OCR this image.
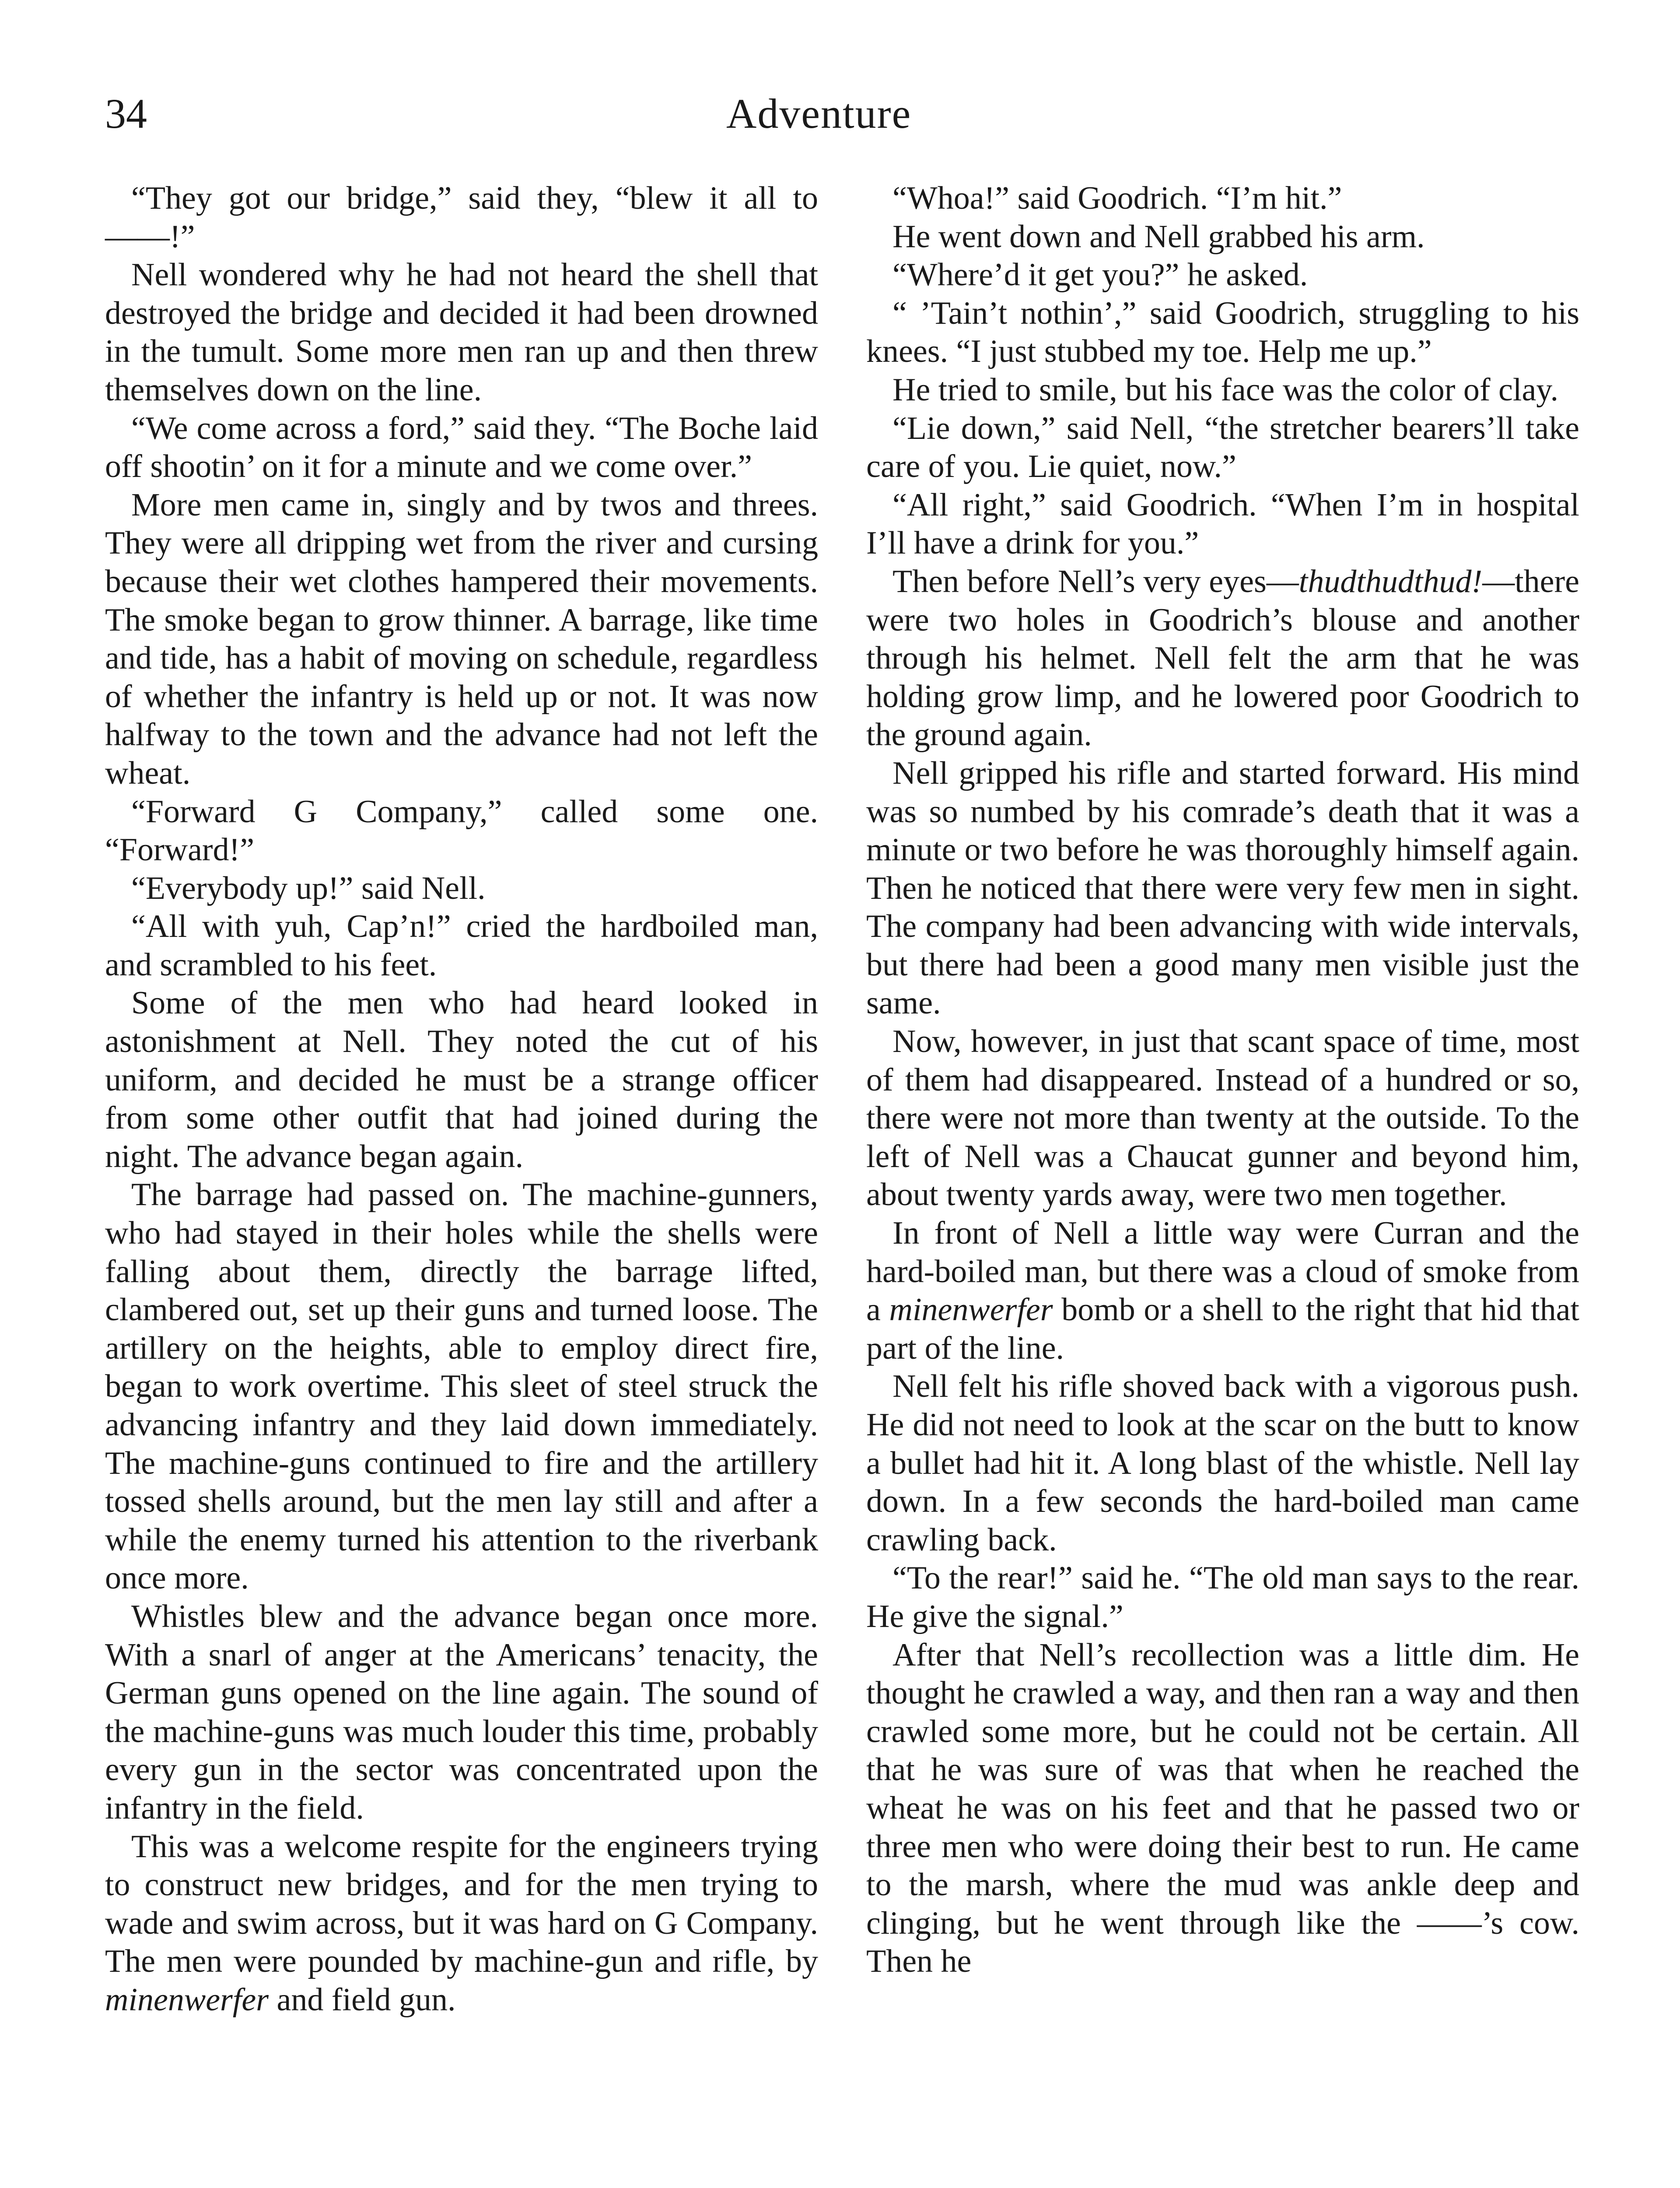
34	Adventure

“They got our bridge,” said they, “blew it all to ——!”

Nell wondered why he had not heard the shell that destroyed the bridge and decided it had been drowned in the tumult. Some more men ran up and then threw themselves down on the line.

“We come across a ford,” said they. “The Boche laid off shootin’ on it for a minute and we come over.”

More men came in, singly and by twos and threes. They were all dripping wet from the river and cursing because their wet clothes hampered their movements. The smoke began to grow thinner. A barrage, like time and tide, has a habit of moving on schedule, regardless of whether the infantry is held up or not. It was now halfway to the town and the advance had not left the wheat.

“Forward G Company,” called some one. “Forward!”

“Everybody up!” said Nell.

“All with yuh, Cap’n!” cried the hardboiled man, and scrambled to his feet.

Some of the men who had heard looked in astonishment at Nell. They noted the cut of his uniform, and decided he must be a strange officer from some other outfit that had joined during the night. The advance began again.

The barrage had passed on. The machine-gunners, who had stayed in their holes while the shells were falling about them, directly the barrage lifted, clambered out, set up their guns and turned loose. The artillery on the heights, able to employ direct fire, began to work overtime. This sleet of steel struck the advancing infantry and they laid down immediately. The machine-guns continued to fire and the artillery tossed shells around, but the men lay still and after a while the enemy turned his attention to the riverbank once more.

Whistles blew and the advance began once more. With a snarl of anger at the Americans’ tenacity, the German guns opened on the line again. The sound of the machine-guns was much louder this time, probably every gun in the sector was concentrated upon the infantry in the field.

This was a welcome respite for the engineers trying to construct new bridges, and for the men trying to wade and swim across, but it was hard on G Company. The men were pounded by machine-gun and rifle, by minenwerfer and field gun.

“Whoa!” said Goodrich. “I’m hit.”

He went down and Nell grabbed his arm.

“Where’d it get you?” he asked.

“ ’Tain’t nothin’,” said Goodrich, struggling to his knees. “I just stubbed my toe. Help me up.”

He tried to smile, but his face was the color of clay.

“Lie down,” said Nell, “the stretcher bearers’ll take care of you. Lie quiet, now.”

“All right,” said Goodrich. “When I’m in hospital I’ll have a drink for you.”

Then before Nell’s very eyes—thudthudthud!—there were two holes in Goodrich’s blouse and another through his helmet. Nell felt the arm that he was holding grow limp, and he lowered poor Goodrich to the ground again.

Nell gripped his rifle and started forward. His mind was so numbed by his comrade’s death that it was a minute or two before he was thoroughly himself again. Then he noticed that there were very few men in sight. The company had been advancing with wide intervals, but there had been a good many men visible just the same.

Now, however, in just that scant space of time, most of them had disappeared. Instead of a hundred or so, there were not more than twenty at the outside. To the left of Nell was a Chaucat gunner and beyond him, about twenty yards away, were two men together.

In front of Nell a little way were Curran and the hard-boiled man, but there was a cloud of smoke from a minenwerfer bomb or a shell to the right that hid that part of the line.

Nell felt his rifle shoved back with a vigorous push. He did not need to look at the scar on the butt to know a bullet had hit it. A long blast of the whistle. Nell lay down. In a few seconds the hard-boiled man came crawling back.

“To the rear!” said he. “The old man says to the rear. He give the signal.”

After that Nell’s recollection was a little dim. He thought he crawled a way, and then ran a way and then crawled some more, but he could not be certain. All that he was sure of was that when he reached the wheat he was on his feet and that he passed two or three men who were doing their best to run. He came to the marsh, where the mud was ankle deep and clinging, but he went through like the ——’s cow. Then he
